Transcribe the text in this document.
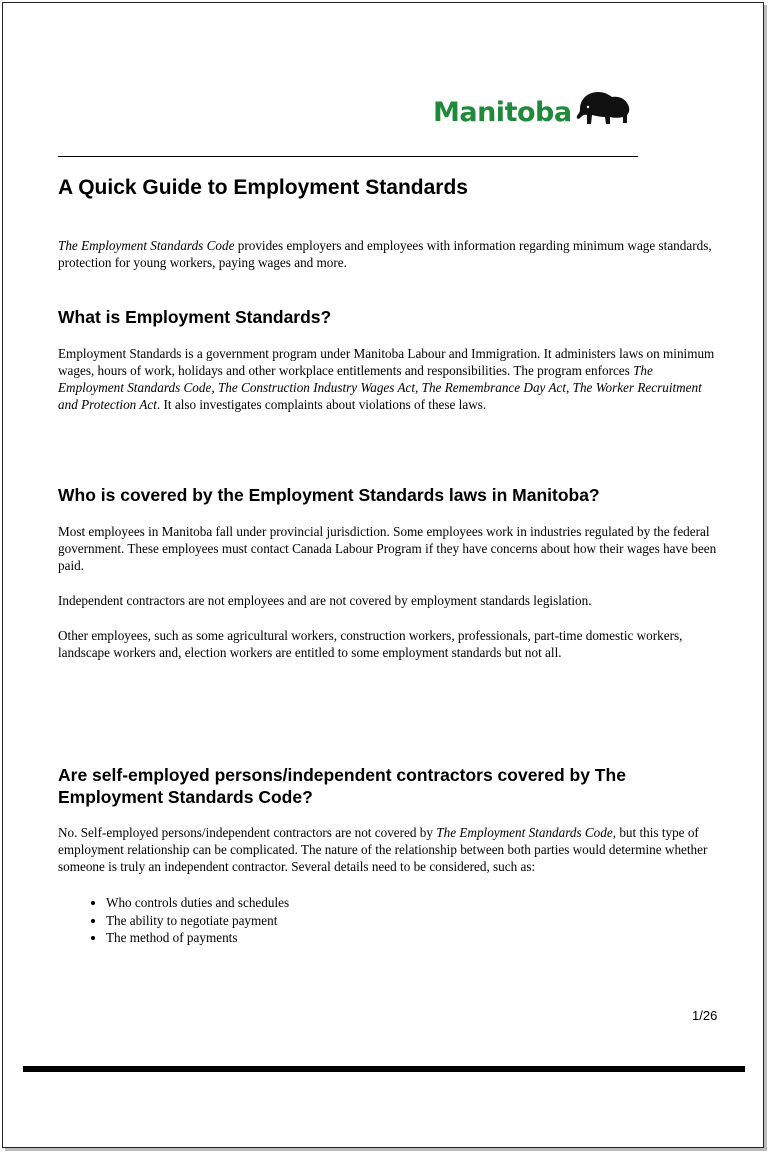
Manitoba
A Quick Guide to Employment Standards

The Employment Standards Code provides employers and employees with information regarding minimum wage standards, protection for young workers, paying wages and more.

What is Employment Standards?

Employment Standards is a government program under Manitoba Labour and Immigration. It administers laws on minimum wages, hours of work, holidays and other workplace entitlements and responsibilities. The program enforces The Employment Standards Code, The Construction Industry Wages Act, The Remembrance Day Act, The Worker Recruitment and Protection Act. It also investigates complaints about violations of these laws.

Who is covered by the Employment Standards laws in Manitoba?

Most employees in Manitoba fall under provincial jurisdiction. Some employees work in industries regulated by the federal government. These employees must contact Canada Labour Program if they have concerns about how their wages have been paid.

Independent contractors are not employees and are not covered by employment standards legislation.

Other employees, such as some agricultural workers, construction workers, professionals, part-time domestic workers, landscape workers and, election workers are entitled to some employment standards but not all.

Are self-employed persons/independent contractors covered by The Employment Standards Code?

No. Self-employed persons/independent contractors are not covered by The Employment Standards Code, but this type of employment relationship can be complicated. The nature of the relationship between both parties would determine whether someone is truly an independent contractor. Several details need to be considered, such as:

• Who controls duties and schedules
• The ability to negotiate payment
• The method of payments
1/26
